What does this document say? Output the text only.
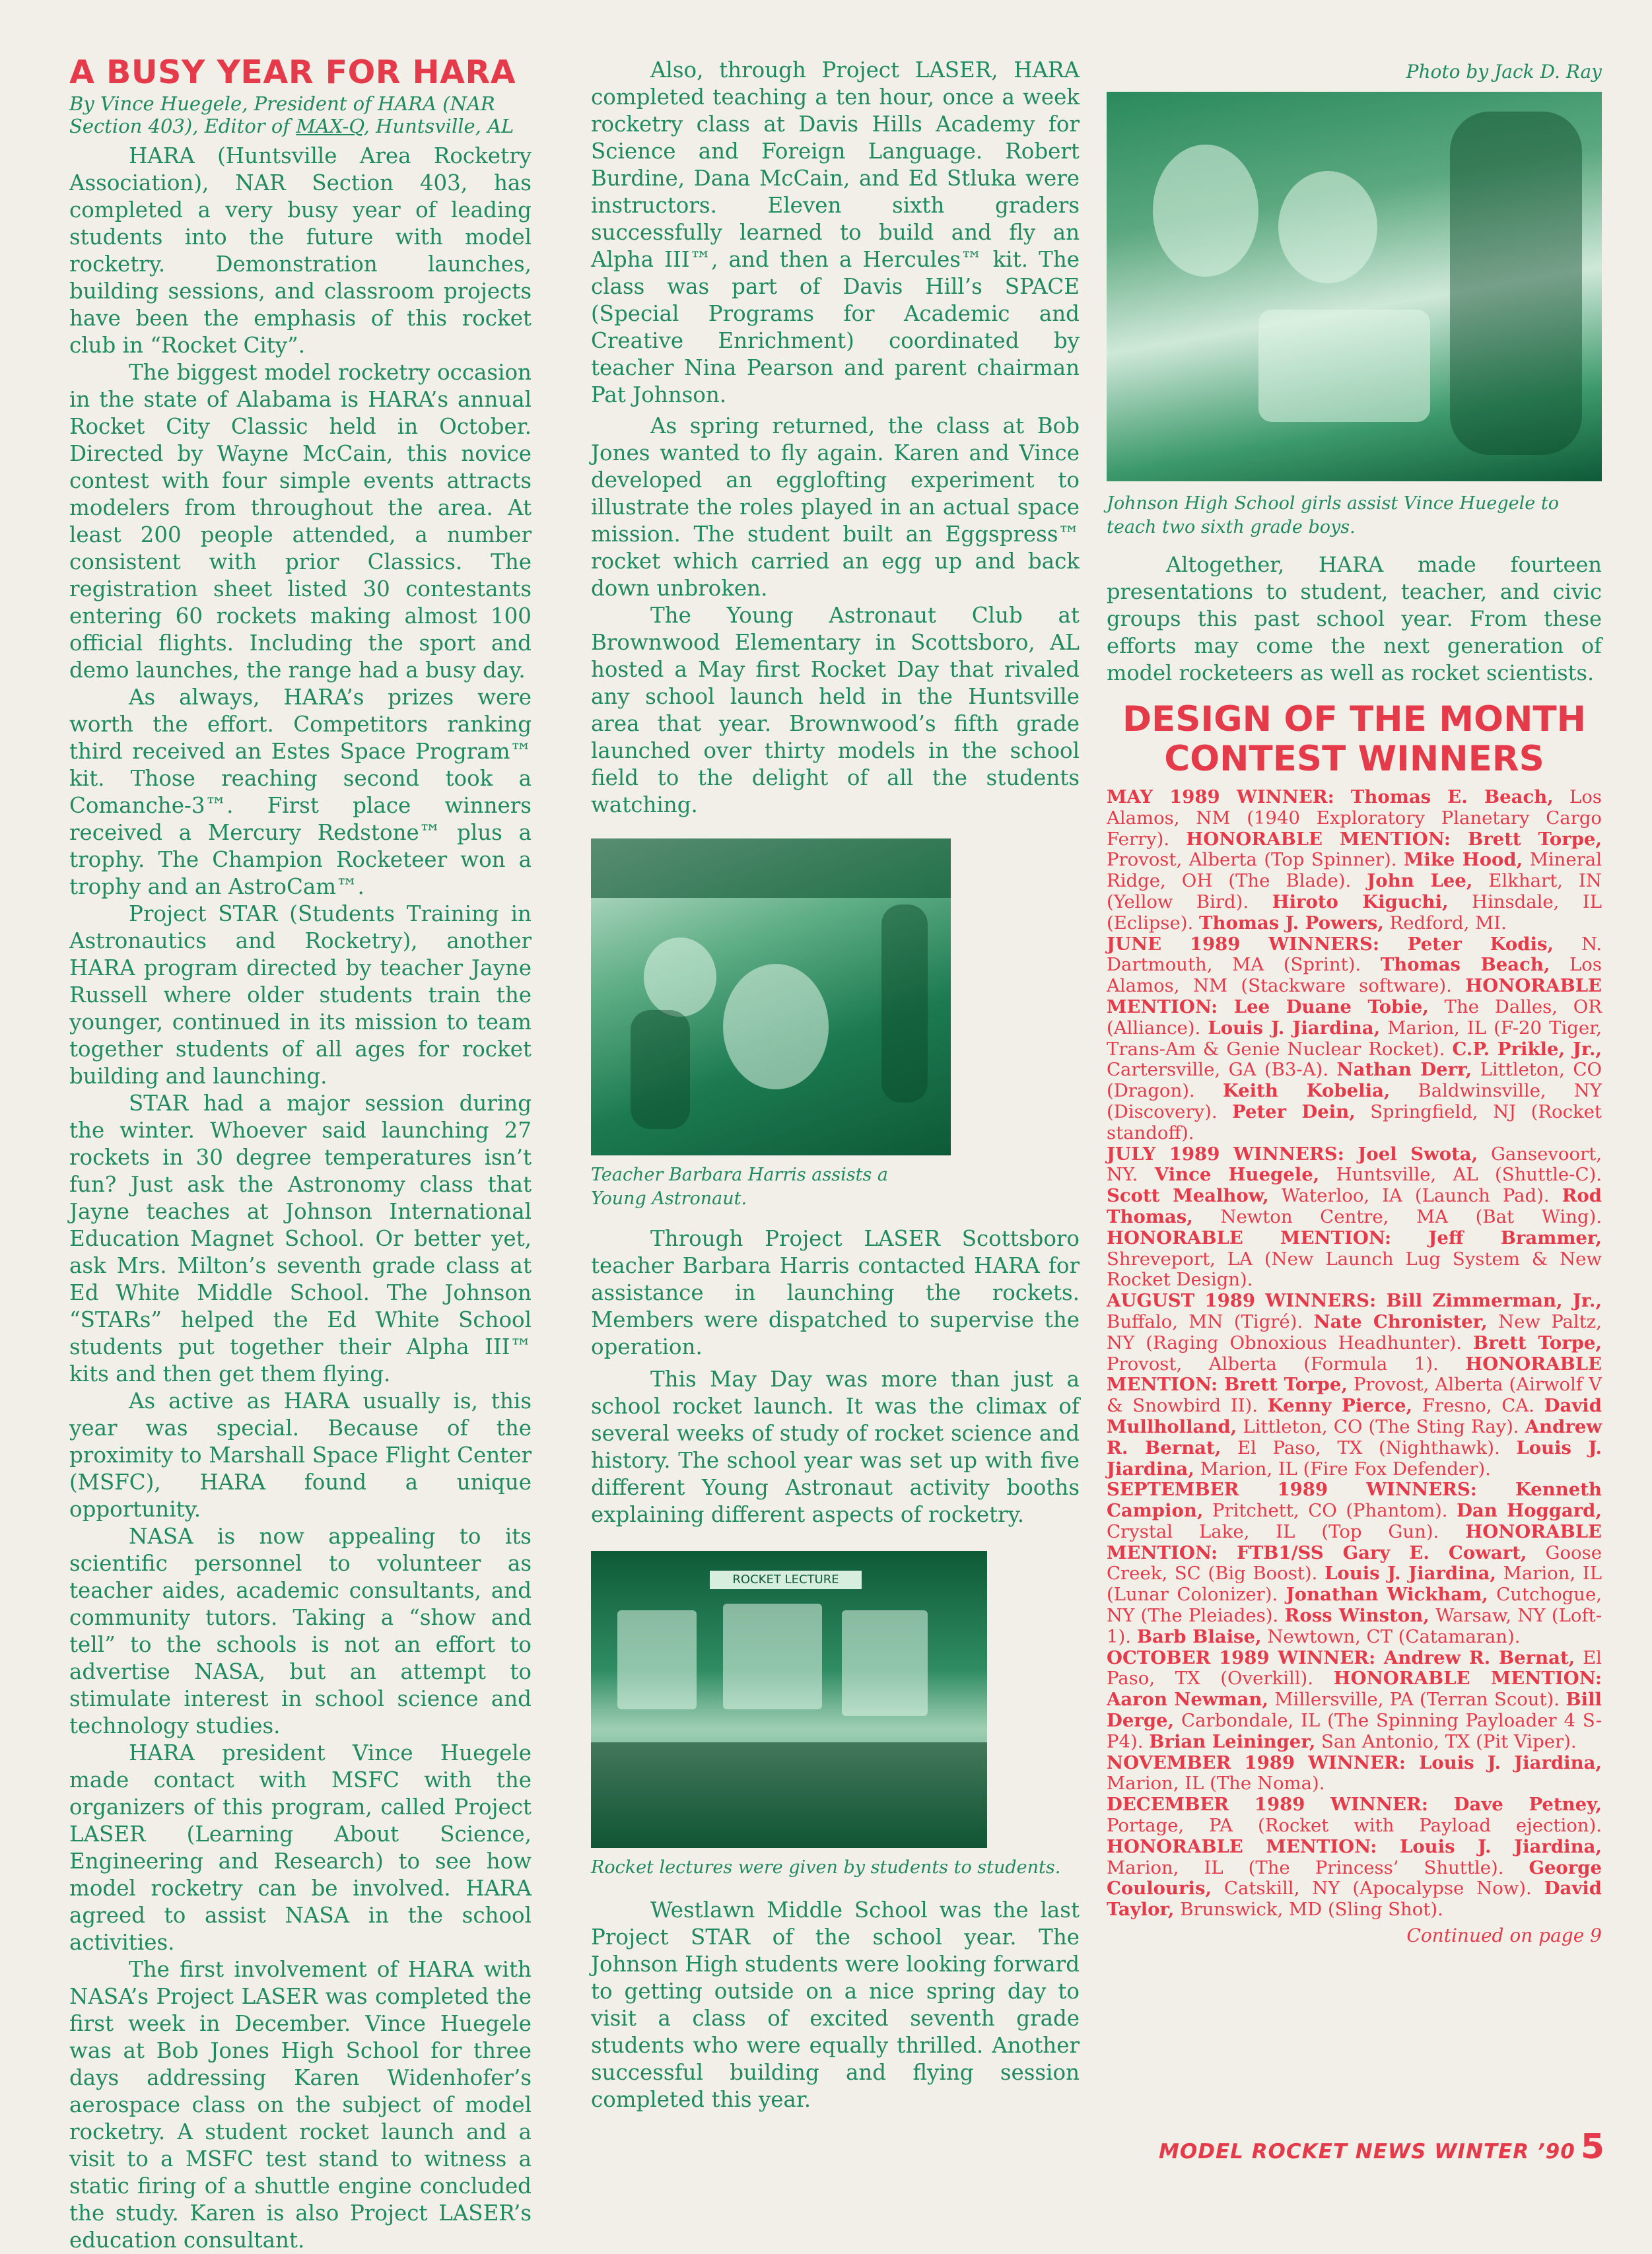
A BUSY YEAR FOR HARA

By Vince Huegele, President of HARA (NAR Section 403), Editor of MAX-Q, Huntsville, AL

HARA (Huntsville Area Rocketry Association), NAR Section 403, has completed a very busy year of leading students into the future with model rocketry. Demonstration launches, building sessions, and classroom projects have been the emphasis of this rocket club in “Rocket City”.

The biggest model rocketry occasion in the state of Alabama is HARA’s annual Rocket City Classic held in October. Directed by Wayne McCain, this novice contest with four simple events attracts modelers from throughout the area. At least 200 people attended, a number consistent with prior Classics. The registration sheet listed 30 contestants entering 60 rockets making almost 100 official flights. Including the sport and demo launches, the range had a busy day.

As always, HARA’s prizes were worth the effort. Competitors ranking third received an Estes Space Program™ kit. Those reaching second took a Comanche-3™. First place winners received a Mercury Redstone™ plus a trophy. The Champion Rocketeer won a trophy and an AstroCam™.

Project STAR (Students Training in Astronautics and Rocketry), another HARA program directed by teacher Jayne Russell where older students train the younger, continued in its mission to team together students of all ages for rocket building and launching.

STAR had a major session during the winter. Whoever said launching 27 rockets in 30 degree temperatures isn’t fun? Just ask the Astronomy class that Jayne teaches at Johnson International Education Magnet School. Or better yet, ask Mrs. Milton’s seventh grade class at Ed White Middle School. The Johnson “STARs” helped the Ed White School students put together their Alpha III™ kits and then get them flying.

As active as HARA usually is, this year was special. Because of the proximity to Marshall Space Flight Center (MSFC), HARA found a unique opportunity.

NASA is now appealing to its scientific personnel to volunteer as teacher aides, academic consultants, and community tutors. Taking a “show and tell” to the schools is not an effort to advertise NASA, but an attempt to stimulate interest in school science and technology studies.

HARA president Vince Huegele made contact with MSFC with the organizers of this program, called Project LASER (Learning About Science, Engineering and Research) to see how model rocketry can be involved. HARA agreed to assist NASA in the school activities.

The first involvement of HARA with NASA’s Project LASER was completed the first week in December. Vince Huegele was at Bob Jones High School for three days addressing Karen Widenhofer’s aerospace class on the subject of model rocketry. A student rocket launch and a visit to a MSFC test stand to witness a static firing of a shuttle engine concluded the study. Karen is also Project LASER’s education consultant.

Also, through Project LASER, HARA completed teaching a ten hour, once a week rocketry class at Davis Hills Academy for Science and Foreign Language. Robert Burdine, Dana McCain, and Ed Stluka were instructors. Eleven sixth graders successfully learned to build and fly an Alpha III™, and then a Hercules™ kit. The class was part of Davis Hill’s SPACE (Special Programs for Academic and Creative Enrichment) coordinated by teacher Nina Pearson and parent chairman Pat Johnson.

As spring returned, the class at Bob Jones wanted to fly again. Karen and Vince developed an egglofting experiment to illustrate the roles played in an actual space mission. The student built an Eggspress™ rocket which carried an egg up and back down unbroken.

The Young Astronaut Club at Brownwood Elementary in Scottsboro, AL hosted a May first Rocket Day that rivaled any school launch held in the Huntsville area that year. Brownwood’s fifth grade launched over thirty models in the school field to the delight of all the students watching.

Teacher Barbara Harris assists a Young Astronaut.

Through Project LASER Scottsboro teacher Barbara Harris contacted HARA for assistance in launching the rockets. Members were dispatched to supervise the operation.

This May Day was more than just a school rocket launch. It was the climax of several weeks of study of rocket science and history. The school year was set up with five different Young Astronaut activity booths explaining different aspects of rocketry.

ROCKET LECTURE

Rocket lectures were given by students to students.

Westlawn Middle School was the last Project STAR of the school year. The Johnson High students were looking forward to getting outside on a nice spring day to visit a class of excited seventh grade students who were equally thrilled. Another successful building and flying session completed this year.

Photo by Jack D. Ray

Johnson High School girls assist Vince Huegele to teach two sixth grade boys.

Altogether, HARA made fourteen presentations to student, teacher, and civic groups this past school year. From these efforts may come the next generation of model rocketeers as well as rocket scientists.

DESIGN OF THE MONTH
CONTEST WINNERS

MAY 1989 WINNER: Thomas E. Beach, Los Alamos, NM (1940 Exploratory Planetary Cargo Ferry). HONORABLE MENTION: Brett Torpe, Provost, Alberta (Top Spinner). Mike Hood, Mineral Ridge, OH (The Blade). John Lee, Elkhart, IN (Yellow Bird). Hiroto Kiguchi, Hinsdale, IL (Eclipse). Thomas J. Powers, Redford, MI.

JUNE 1989 WINNERS: Peter Kodis, N. Dartmouth, MA (Sprint). Thomas Beach, Los Alamos, NM (Stackware software). HONORABLE MENTION: Lee Duane Tobie, The Dalles, OR (Alliance). Louis J. Jiardina, Marion, IL (F-20 Tiger, Trans-Am & Genie Nuclear Rocket). C.P. Prikle, Jr., Cartersville, GA (B3-A). Nathan Derr, Littleton, CO (Dragon). Keith Kobelia, Baldwinsville, NY (Discovery). Peter Dein, Springfield, NJ (Rocket standoff).

JULY 1989 WINNERS: Joel Swota, Gansevoort, NY. Vince Huegele, Huntsville, AL (Shuttle-C). Scott Mealhow, Waterloo, IA (Launch Pad). Rod Thomas, Newton Centre, MA (Bat Wing). HONORABLE MENTION: Jeff Brammer, Shreveport, LA (New Launch Lug System & New Rocket Design).

AUGUST 1989 WINNERS: Bill Zimmerman, Jr., Buffalo, MN (Tigré). Nate Chronister, New Paltz, NY (Raging Obnoxious Headhunter). Brett Torpe, Provost, Alberta (Formula 1). HONORABLE MENTION: Brett Torpe, Provost, Alberta (Airwolf V & Snowbird II). Kenny Pierce, Fresno, CA. David Mullholland, Littleton, CO (The Sting Ray). Andrew R. Bernat, El Paso, TX (Nighthawk). Louis J. Jiardina, Marion, IL (Fire Fox Defender).

SEPTEMBER 1989 WINNERS: Kenneth Campion, Pritchett, CO (Phantom). Dan Hoggard, Crystal Lake, IL (Top Gun). HONORABLE MENTION: FTB1/SS Gary E. Cowart, Goose Creek, SC (Big Boost). Louis J. Jiardina, Marion, IL (Lunar Colonizer). Jonathan Wickham, Cutchogue, NY (The Pleiades). Ross Winston, Warsaw, NY (Loft-1). Barb Blaise, Newtown, CT (Catamaran).

OCTOBER 1989 WINNER: Andrew R. Bernat, El Paso, TX (Overkill). HONORABLE MENTION: Aaron Newman, Millersville, PA (Terran Scout). Bill Derge, Carbondale, IL (The Spinning Payloader 4 S-P4). Brian Leininger, San Antonio, TX (Pit Viper).

NOVEMBER 1989 WINNER: Louis J. Jiardina, Marion, IL (The Noma).

DECEMBER 1989 WINNER: Dave Petney, Portage, PA (Rocket with Payload ejection). HONORABLE MENTION: Louis J. Jiardina, Marion, IL (The Princess’ Shuttle). George Coulouris, Catskill, NY (Apocalypse Now). David Taylor, Brunswick, MD (Sling Shot).

Continued on page 9

MODEL ROCKET NEWS WINTER ’90 5
